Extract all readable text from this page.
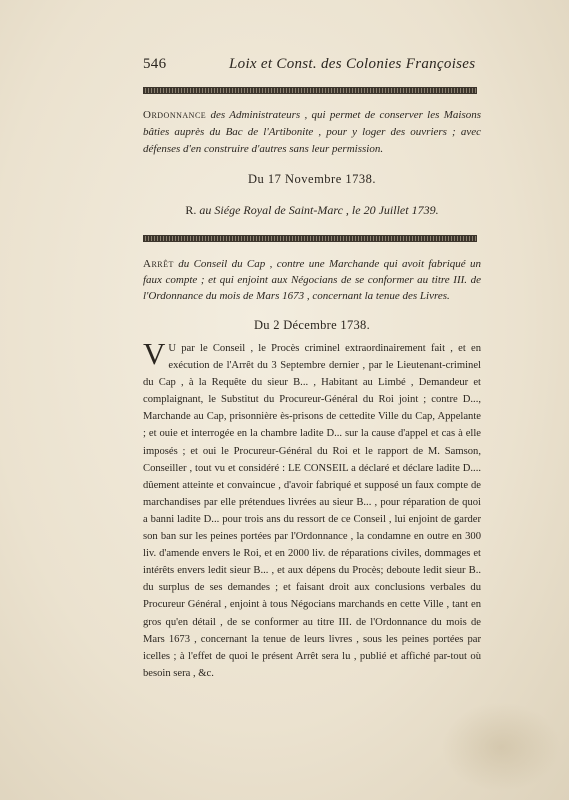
546	Loix et Const. des Colonies Françoises
Ordonnance des Administrateurs , qui permet de conserver les Maisons bâties auprès du Bac de l'Artibonite , pour y loger des ouvriers ; avec défenses d'en construire d'autres sans leur permission.
Du 17 Novembre 1738.
R. au Siége Royal de Saint-Marc , le 20 Juillet 1739.
Arrêt du Conseil du Cap , contre une Marchande qui avoit fabriqué un faux compte ; et qui enjoint aux Négocians de se conformer au titre III. de l'Ordonnance du mois de Mars 1673 , concernant la tenue des Livres.
Du 2 Décembre 1738.
V U par le Conseil , le Procès criminel extraordinairement fait , et en exécution de l'Arrêt du 3 Septembre dernier , par le Lieutenant-criminel du Cap , à la Requête du sieur B... , Habitant au Limbé , Demandeur et complaignant, le Substitut du Procureur-Général du Roi joint ; contre D..., Marchande au Cap, prisonnière ès-prisons de cettedite Ville du Cap, Appelante ; et ouie et interrogée en la chambre ladite D... sur la cause d'appel et cas à elle imposés ; et oui le Procureur-Général du Roi et le rapport de M. Samson, Conseiller , tout vu et considéré : LE CONSEIL a déclaré et déclare ladite D.... dûement atteinte et convaincue , d'avoir fabriqué et supposé un faux compte de marchandises par elle prétendues livrées au sieur B... , pour réparation de quoi a banni ladite D... pour trois ans du ressort de ce Conseil , lui enjoint de garder son ban sur les peines portées par l'Ordonnance , la condamne en outre en 300 liv. d'amende envers le Roi, et en 2000 liv. de réparations civiles, dommages et intérêts envers ledit sieur B... , et aux dépens du Procès; deboute ledit sieur B.. du surplus de ses demandes ; et faisant droit aux conclusions verbales du Procureur Général , enjoint à tous Négocians marchands en cette Ville , tant en gros qu'en détail , de se conformer au titre III. de l'Ordonnance du mois de Mars 1673 , concernant la tenue de leurs livres , sous les peines portées par icelles ; à l'effet de quoi le présent Arrêt sera lu , publié et affiché par-tout où besoin sera , &c.
